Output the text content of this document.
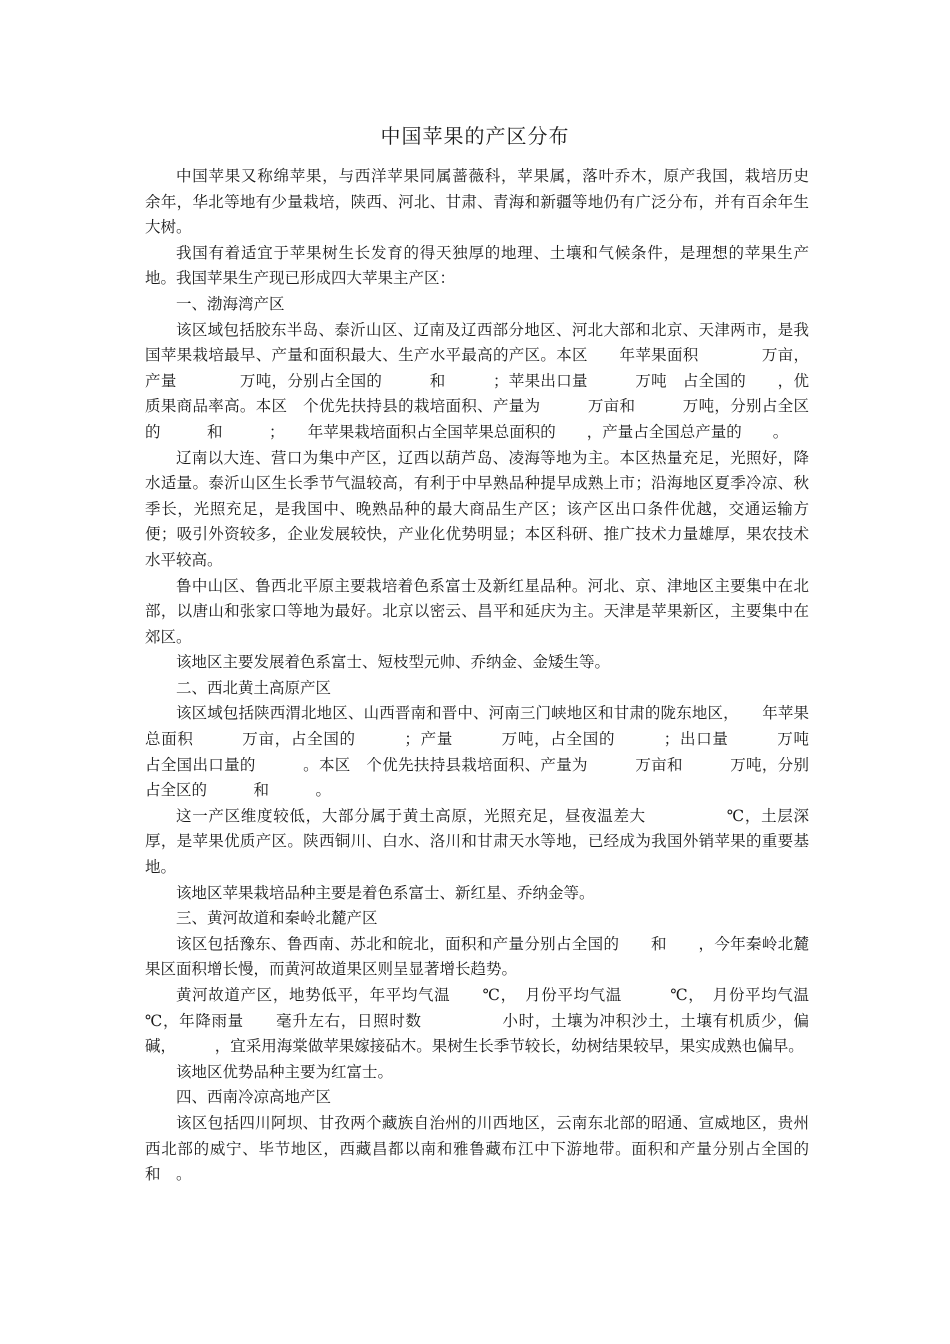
中国苹果的产区分布

中国苹果又称绵苹果，与西洋苹果同属蔷薇科，苹果属，落叶乔木，原产我国，栽培历史　　余年，华北等地有少量栽培，陕西、河北、甘肃、青海和新疆等地仍有广泛分布，并有百余年生大树。

我国有着适宜于苹果树生长发育的得天独厚的地理、土壤和气候条件，是理想的苹果生产地。我国苹果生产现已形成四大苹果主产区：

一、渤海湾产区

该区域包括胶东半岛、泰沂山区、辽南及辽西部分地区、河北大部和北京、天津两市，是我国苹果栽培最早、产量和面积最大、生产水平最高的产区。本区　　年苹果面积　　　　万亩，产量　　　　万吨，分别占全国的　　　和　　　；苹果出口量　　　万吨　占全国的　　，优质果商品率高。本区　个优先扶持县的栽培面积、产量为　　　万亩和　　　万吨，分别占全区的　　　和　　　；　　年苹果栽培面积占全国苹果总面积的　　，产量占全国总产量的　　。

辽南以大连、营口为集中产区，辽西以葫芦岛、凌海等地为主。本区热量充足，光照好，降水适量。泰沂山区生长季节气温较高，有利于中早熟品种提早成熟上市；沿海地区夏季冷凉、秋季长，光照充足，是我国中、晚熟品种的最大商品生产区；该产区出口条件优越，交通运输方便；吸引外资较多，企业发展较快，产业化优势明显；本区科研、推广技术力量雄厚，果农技术水平较高。

鲁中山区、鲁西北平原主要栽培着色系富士及新红星品种。河北、京、津地区主要集中在北部，以唐山和张家口等地为最好。北京以密云、昌平和延庆为主。天津是苹果新区，主要集中在郊区。

该地区主要发展着色系富士、短枝型元帅、乔纳金、金矮生等。

二、西北黄土高原产区

该区域包括陕西渭北地区、山西晋南和晋中、河南三门峡地区和甘肃的陇东地区，　　年苹果总面积　　　万亩，占全国的　　　；产量　　　万吨，占全国的　　　；出口量　　　万吨　占全国出口量的　　　。本区　个优先扶持县栽培面积、产量为　　　万亩和　　　万吨，分别占全区的　　　和　　　。

这一产区维度较低，大部分属于黄土高原，光照充足，昼夜温差大　　　　　℃，土层深厚，是苹果优质产区。陕西铜川、白水、洛川和甘肃天水等地，已经成为我国外销苹果的重要基地。

该地区苹果栽培品种主要是着色系富士、新红星、乔纳金等。

三、黄河故道和秦岭北麓产区

该区包括豫东、鲁西南、苏北和皖北，面积和产量分别占全国的　　和　　，今年秦岭北麓果区面积增长慢，而黄河故道果区则呈显著增长趋势。

黄河故道产区，地势低平，年平均气温　　℃，　月份平均气温　　　℃，　月份平均气温　　℃，年降雨量　　毫升左右，日照时数　　　　　小时，土壤为冲积沙土，土壤有机质少，偏碱，　　　，宜采用海棠做苹果嫁接砧木。果树生长季节较长，幼树结果较早，果实成熟也偏早。

该地区优势品种主要为红富士。

四、西南冷凉高地产区

该区包括四川阿坝、甘孜两个藏族自治州的川西地区，云南东北部的昭通、宣威地区，贵州西北部的威宁、毕节地区，西藏昌都以南和雅鲁藏布江中下游地带。面积和产量分别占全国的　和　。
